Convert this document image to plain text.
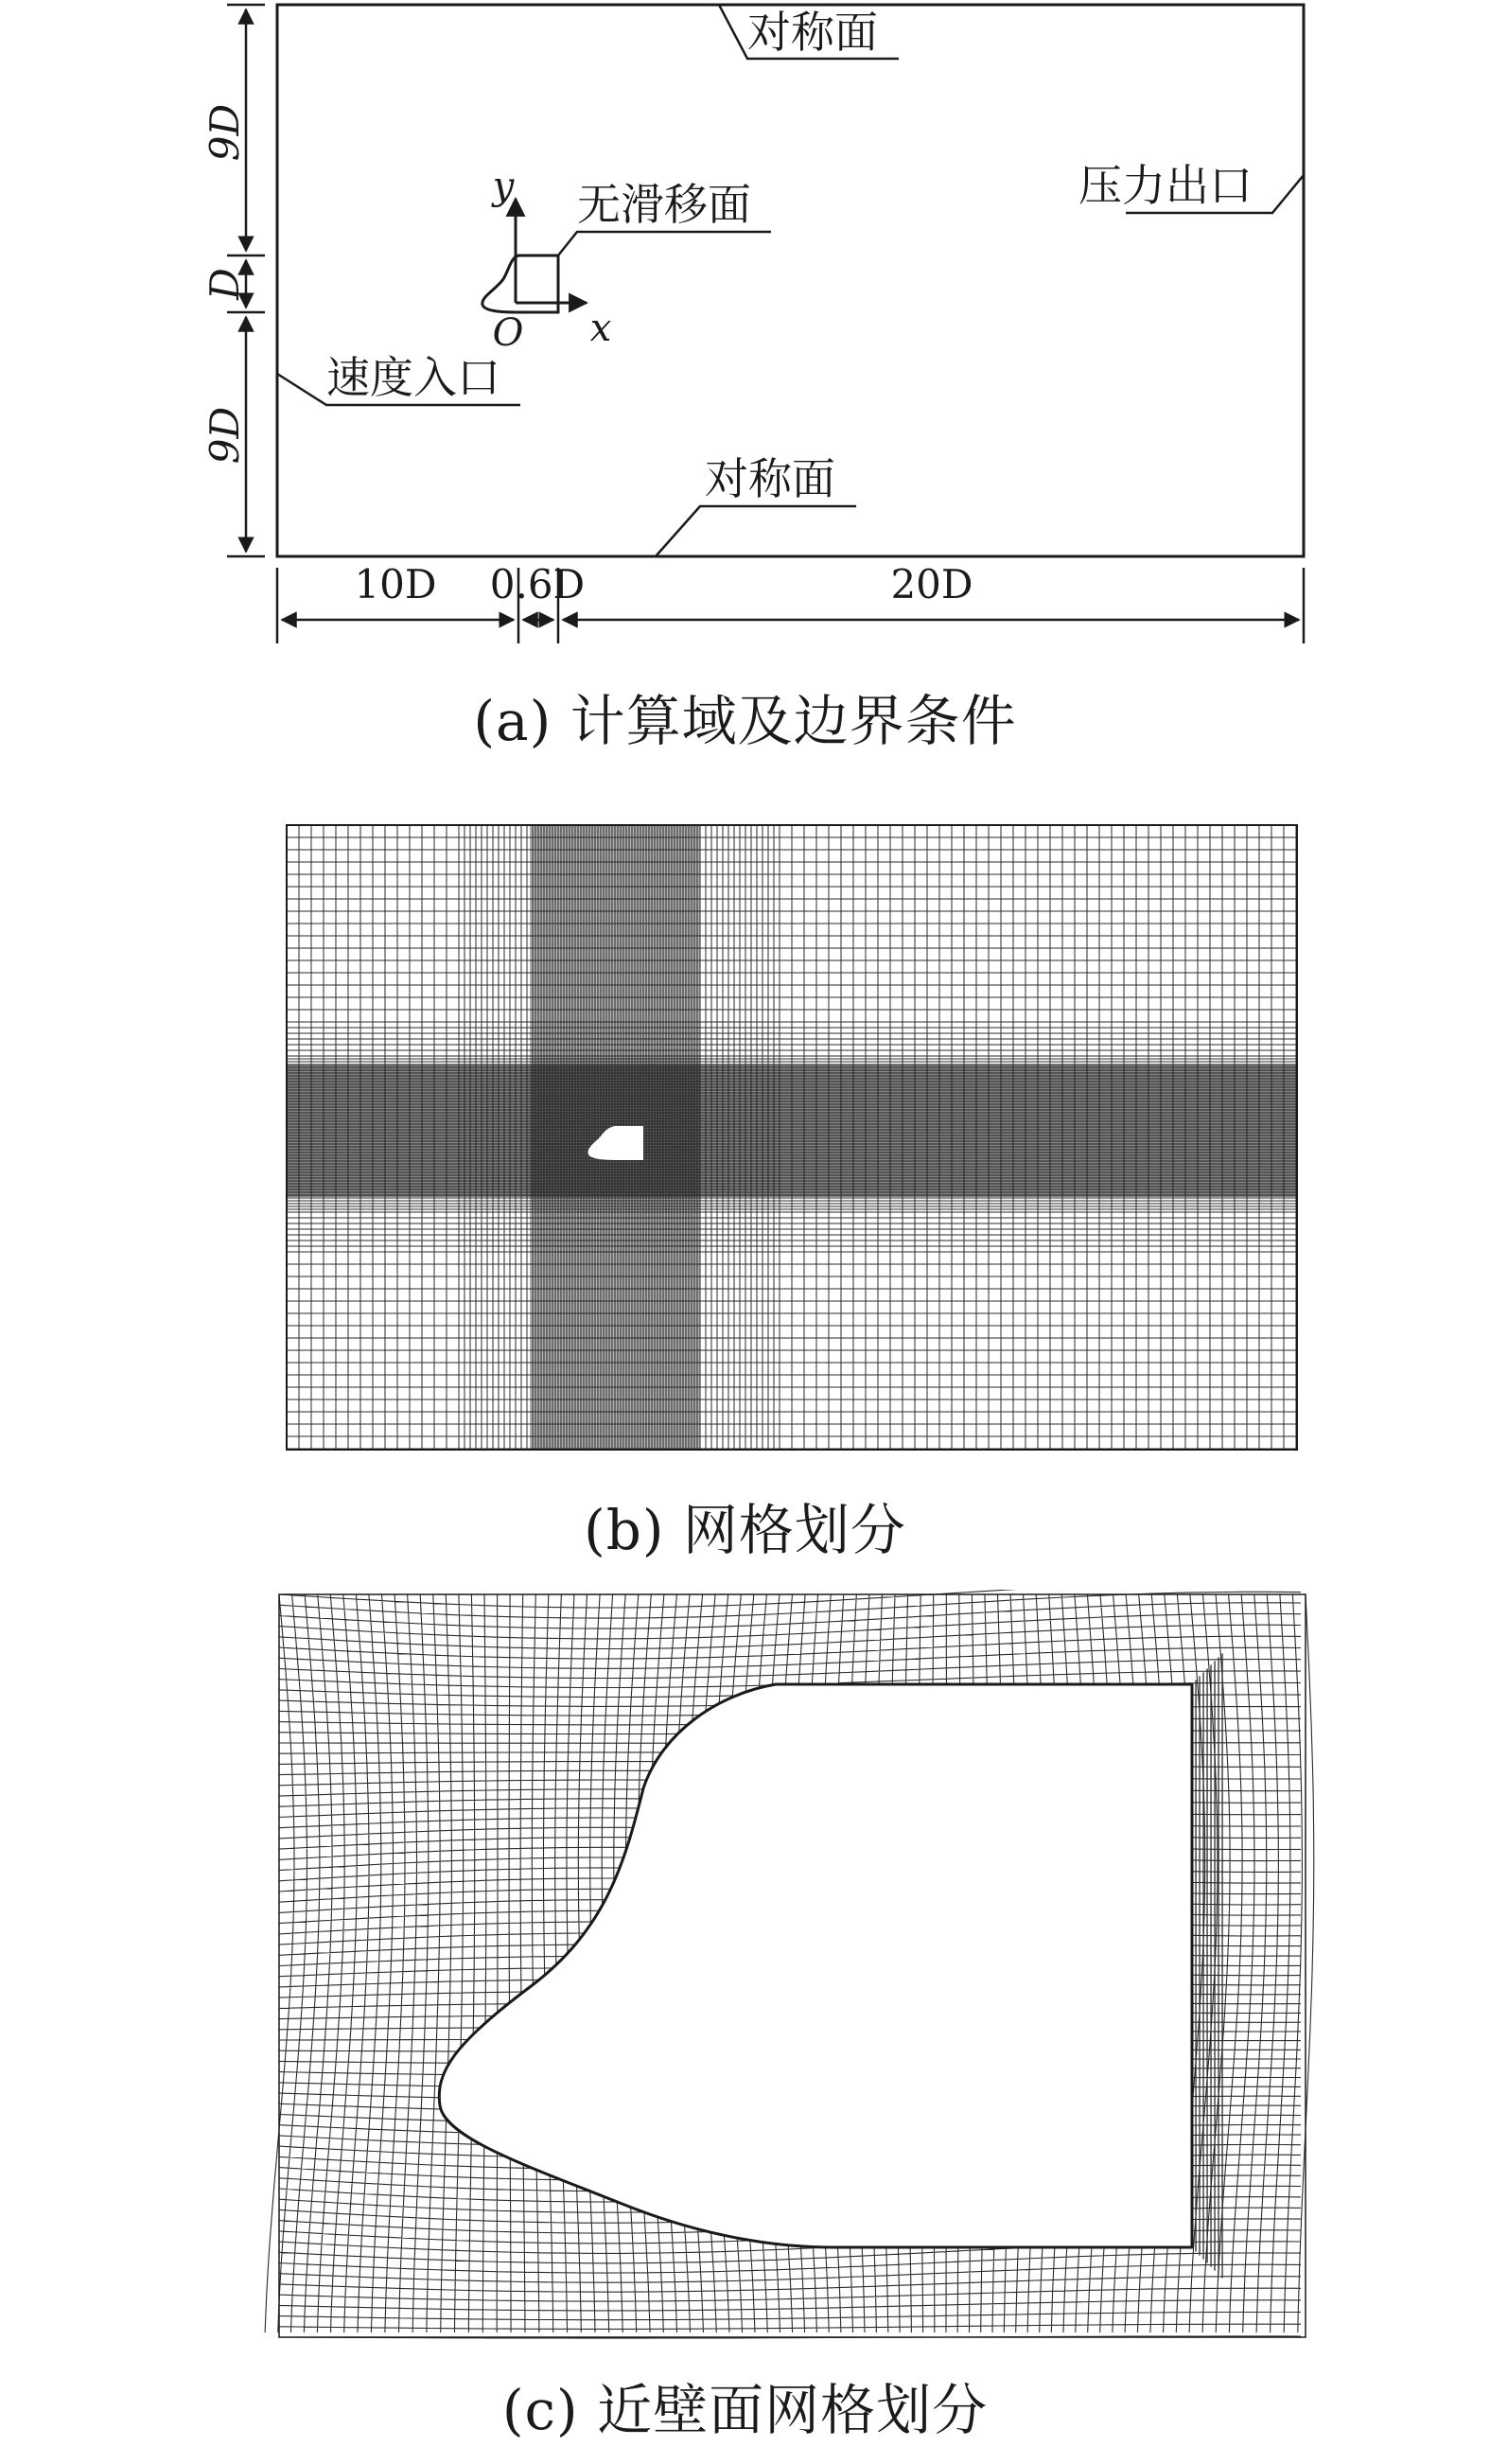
9D
D
9D
10D 0.6D	20D
y
x
O
对称面
压力出口
无滑移面
速度入口
对称面
(a) 计算域及边界条件
(b) 网格划分
(c) 近壁面网格划分
